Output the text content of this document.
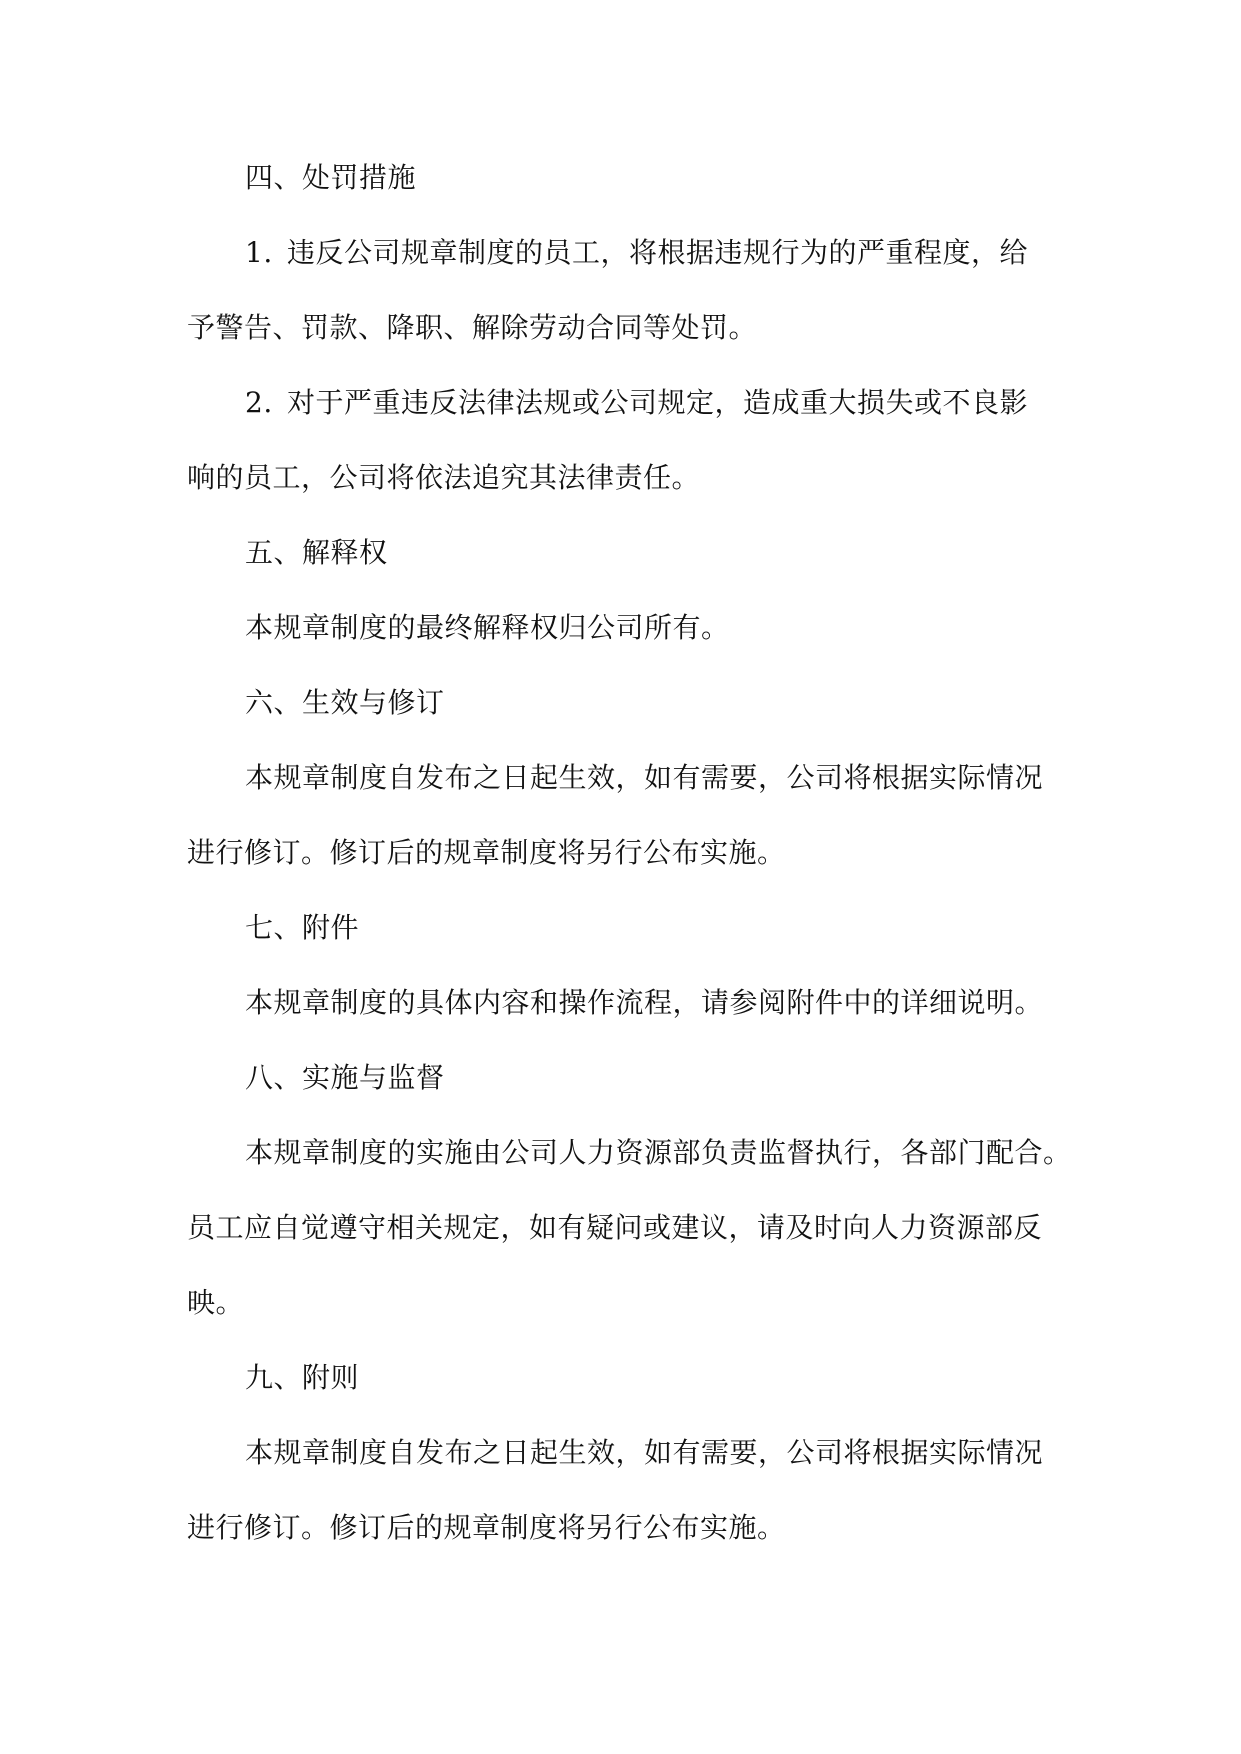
四、处罚措施
1. 违反公司规章制度的员工，将根据违规行为的严重程度，给
予警告、罚款、降职、解除劳动合同等处罚。
2. 对于严重违反法律法规或公司规定，造成重大损失或不良影
响的员工，公司将依法追究其法律责任。
五、解释权
本规章制度的最终解释权归公司所有。
六、生效与修订
本规章制度自发布之日起生效，如有需要，公司将根据实际情况
进行修订。修订后的规章制度将另行公布实施。
七、附件
本规章制度的具体内容和操作流程，请参阅附件中的详细说明。
八、实施与监督
本规章制度的实施由公司人力资源部负责监督执行，各部门配合。
员工应自觉遵守相关规定，如有疑问或建议，请及时向人力资源部反
映。
九、附则
本规章制度自发布之日起生效，如有需要，公司将根据实际情况
进行修订。修订后的规章制度将另行公布实施。
